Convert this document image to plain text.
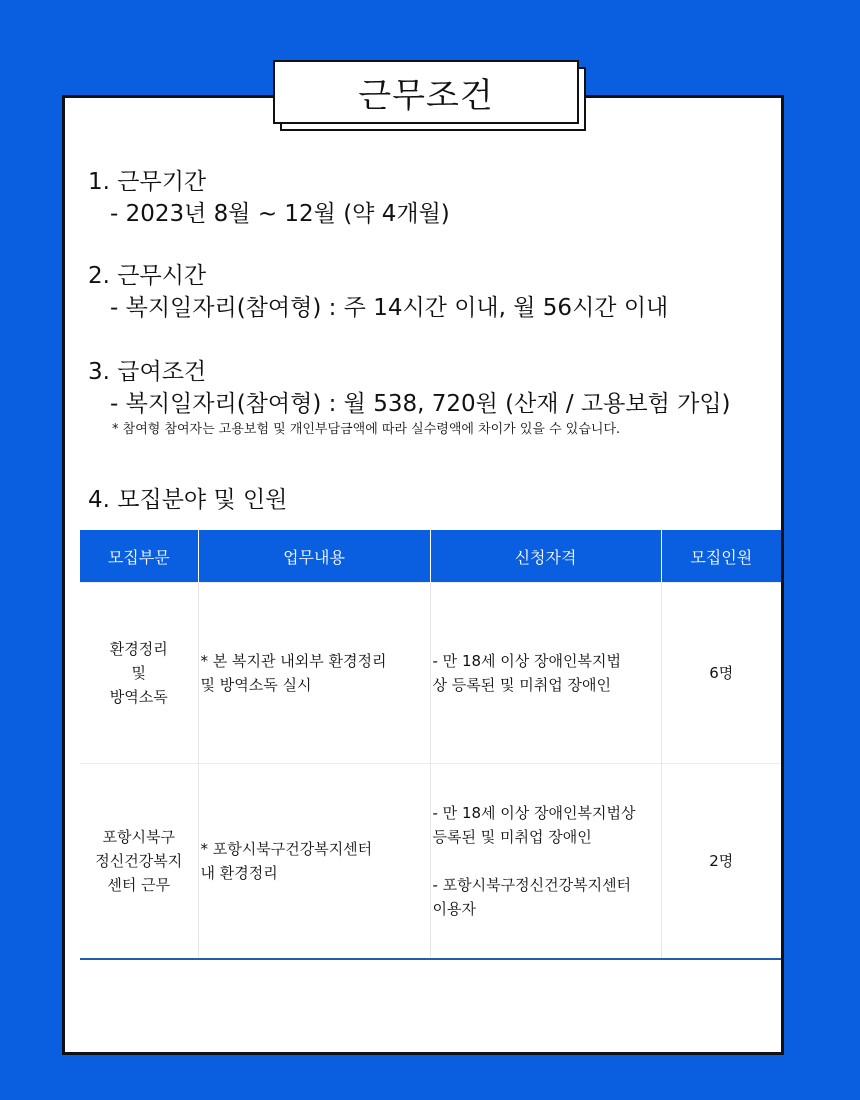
근무조건
1. 근무기간
- 2023년 8월 ~ 12월 (약 4개월)
2. 근무시간
- 복지일자리(참여형) : 주 14시간 이내, 월 56시간 이내
3. 급여조건
- 복지일자리(참여형) : 월 538, 720원 (산재 / 고용보험 가입)
* 참여형 참여자는 고용보험 및 개인부담금액에 따라 실수령액에 차이가 있을 수 있습니다.
4. 모집분야 및 인원
모집부문	업무내용	신청자격	모집인원

환경정리
및
방역소독	* 본 복지관 내외부 환경정리
및 방역소독 실시	- 만 18세 이상 장애인복지법
상 등록된 및 미취업 장애인	6명

포항시북구
정신건강복지
센터 근무	* 포항시북구건강복지센터
내 환경정리	- 만 18세 이상 장애인복지법상
등록된 및 미취업 장애인

- 포항시북구정신건강복지센터
이용자	2명
